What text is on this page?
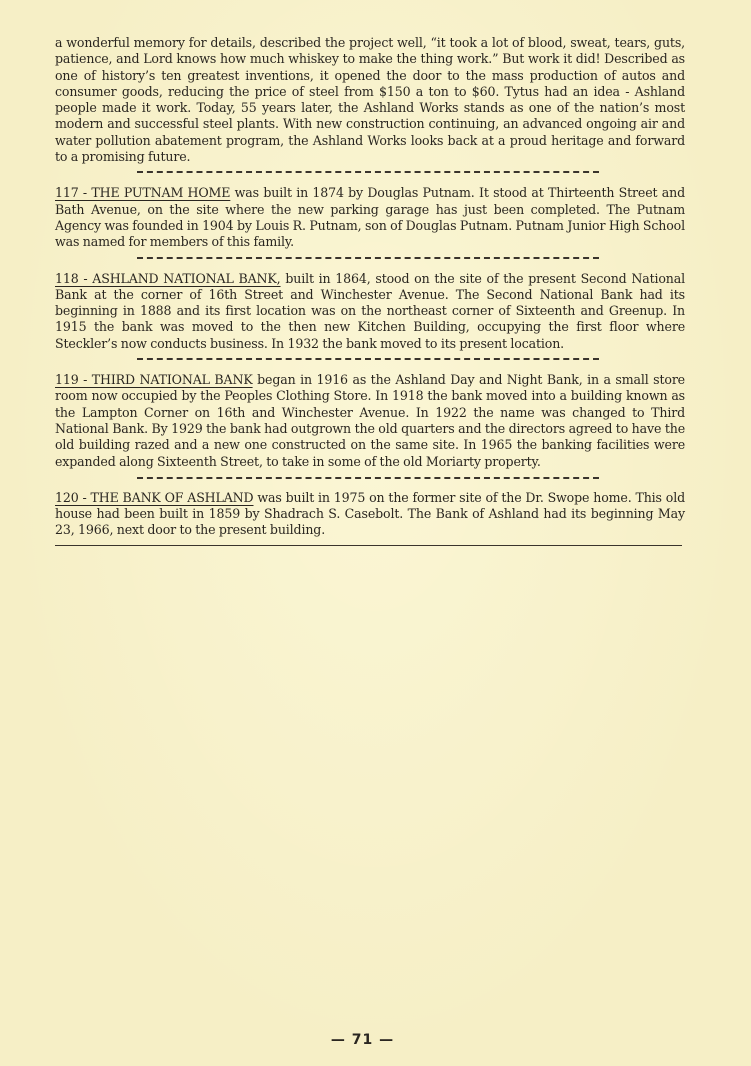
a wonderful memory for details, described the project well, “it took a lot of blood, sweat, tears, guts, patience, and Lord knows how much whiskey to make the thing work.” But work it did! Described as one of history’s ten greatest inventions, it opened the door to the mass production of autos and consumer goods, reducing the price of steel from $150 a ton to $60. Tytus had an idea - Ashland people made it work. Today, 55 years later, the Ashland Works stands as one of the nation’s most modern and successful steel plants. With new construction continuing, an advanced ongoing air and water pollution abatement program, the Ashland Works looks back at a proud heritage and forward to a promising future.

117 - THE PUTNAM HOME was built in 1874 by Douglas Putnam. It stood at Thirteenth Street and Bath Avenue, on the site where the new parking garage has just been completed. The Putnam Agency was founded in 1904 by Louis R. Putnam, son of Douglas Putnam. Putnam Junior High School was named for members of this family.

118 - ASHLAND NATIONAL BANK, built in 1864, stood on the site of the present Second National Bank at the corner of 16th Street and Winchester Avenue. The Second National Bank had its beginning in 1888 and its first location was on the northeast corner of Sixteenth and Greenup. In 1915 the bank was moved to the then new Kitchen Building, occupying the first floor where Steckler’s now conducts business. In 1932 the bank moved to its present location.

119 - THIRD NATIONAL BANK began in 1916 as the Ashland Day and Night Bank, in a small store room now occupied by the Peoples Clothing Store. In 1918 the bank moved into a building known as the Lampton Corner on 16th and Winchester Avenue. In 1922 the name was changed to Third National Bank. By 1929 the bank had outgrown the old quarters and the directors agreed to have the old building razed and a new one constructed on the same site. In 1965 the banking facilities were expanded along Sixteenth Street, to take in some of the old Moriarty property.

120 - THE BANK OF ASHLAND was built in 1975 on the former site of the Dr. Swope home. This old house had been built in 1859 by Shadrach S. Casebolt. The Bank of Ashland had its beginning May 23, 1966, next door to the present building.

— 71 —
